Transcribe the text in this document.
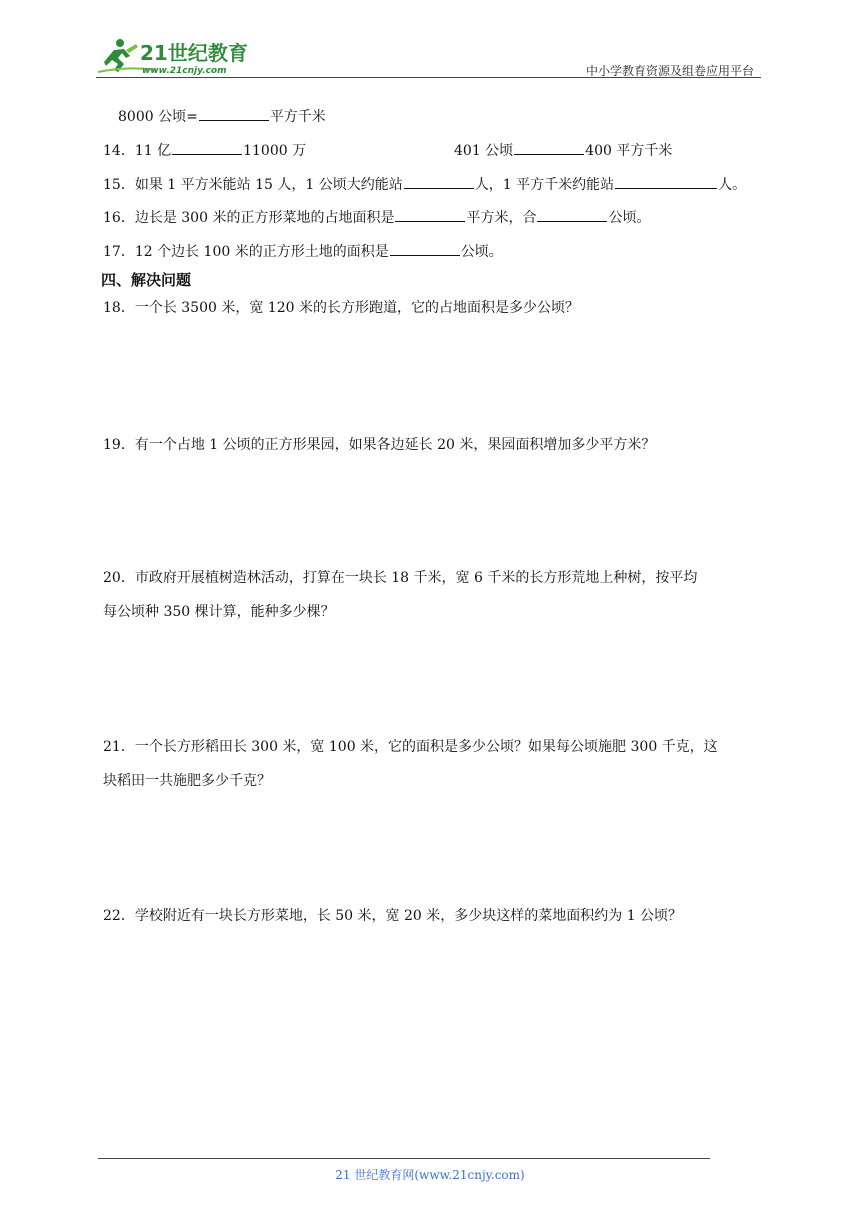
21世纪教育
www.21cnjy.com	中小学教育资源及组卷应用平台
8000 公顷=	平方千米
14．11 亿	11000 万	401 公顷	400 平方千米
15．如果 1 平方米能站 15 人，1 公顷大约能站	人，1 平方千米约能站	人。
16．边长是 300 米的正方形菜地的占地面积是	平方米，合	公顷。
17．12 个边长 100 米的正方形土地的面积是	公顷。
四、解决问题
18．一个长 3500 米，宽 120 米的长方形跑道，它的占地面积是多少公顷？
19．有一个占地 1 公顷的正方形果园，如果各边延长 20 米，果园面积增加多少平方米？
20．市政府开展植树造林活动，打算在一块长 18 千米，宽 6 千米的长方形荒地上种树，按平均
每公顷种 350 棵计算，能种多少棵？
21．一个长方形稻田长 300 米，宽 100 米，它的面积是多少公顷？如果每公顷施肥 300 千克，这
块稻田一共施肥多少千克？
22．学校附近有一块长方形菜地，长 50 米，宽 20 米，多少块这样的菜地面积约为 1 公顷？
21 世纪教育网(www.21cnjy.com)
